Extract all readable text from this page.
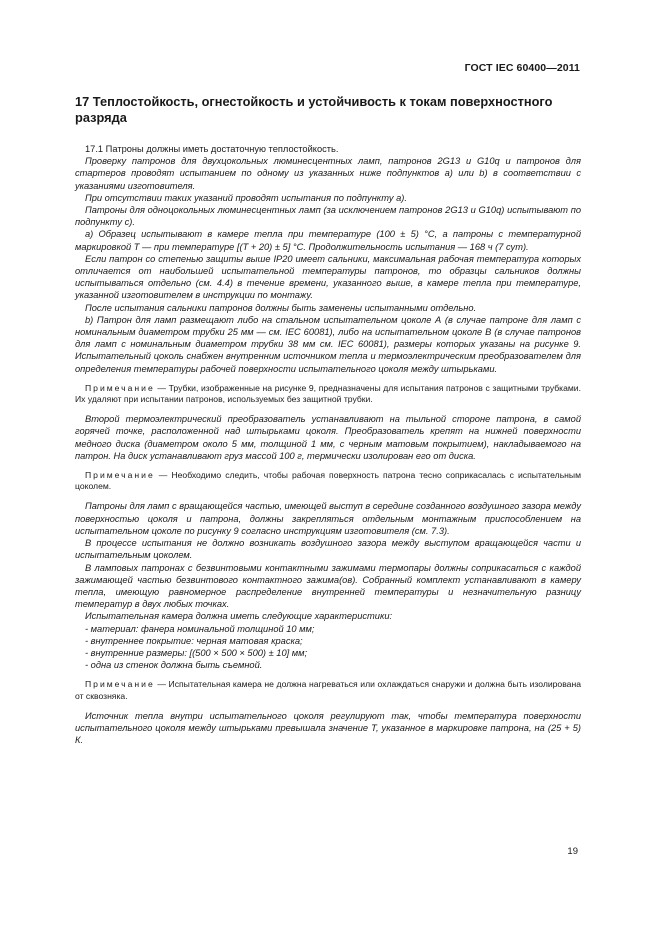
ГОСТ IEC 60400—2011
17 Теплостойкость, огнестойкость и устойчивость к токам поверхностного разряда

17.1 Патроны должны иметь достаточную теплостойкость.

Проверку патронов для двухцокольных люминесцентных ламп, патронов 2G13 и G10q и патронов для стартеров проводят испытанием по одному из указанных ниже подпунктов а) или b) в соответствии с указаниями изготовителя.

При отсутствии таких указаний проводят испытания по подпункту а).

Патроны для одноцокольных люминесцентных ламп (за исключением патронов 2G13 и G10q) испытывают по подпункту с).

а) Образец испытывают в камере тепла при температуре (100 ± 5) °С, а патроны с температурной маркировкой Т — при температуре [(Т + 20) ± 5] °С. Продолжительность испытания — 168 ч (7 сут).

Если патрон со степенью защиты выше IP20 имеет сальники, максимальная рабочая температура которых отличается от наибольшей испытательной температуры патронов, то образцы сальников должны испытываться отдельно (см. 4.4) в течение времени, указанного выше, в камере тепла при температуре, указанной изготовителем в инструкции по монтажу.

После испытания сальники патронов должны быть заменены испытанными отдельно.

b) Патрон для ламп размещают либо на стальном испытательном цоколе А (в случае патроне для ламп с номинальным диаметром трубки 25 мм — см. IEC 60081), либо на испытательном цоколе В (в случае патронов для ламп с номинальным диаметром трубки 38 мм см. IEC 60081), размеры которых указаны на рисунке 9. Испытательный цоколь снабжен внутренним источником тепла и термоэлектрическим преобразователем для определения температуры рабочей поверхности испытательного цоколя между штырьками.

Примечание — Трубки, изображенные на рисунке 9, предназначены для испытания патронов с защитными трубками. Их удаляют при испытании патронов, используемых без защитной трубки.

Второй термоэлектрический преобразователь устанавливают на тыльной стороне патрона, в самой горячей точке, расположенной над штырьками цоколя. Преобразователь крепят на нижней поверхности медного диска (диаметром около 5 мм, толщиной 1 мм, с черным матовым покрытием), накладываемого на патрон. На диск устанавливают груз массой 100 г, термически изолирован его от диска.

Примечание — Необходимо следить, чтобы рабочая поверхность патрона тесно соприкасалась с испытательным цоколем.

Патроны для ламп с вращающейся частью, имеющей выступ в середине созданного воздушного зазора между поверхностью цоколя и патрона, должны закрепляться отдельным монтажным приспособлением на испытательном цоколе по рисунку 9 согласно инструкциям изготовителя (см. 7.3).

В процессе испытания не должно возникать воздушного зазора между выступом вращающейся части и испытательным цоколем.

В ламповых патронах с безвинтовыми контактными зажимами термопары должны соприкасаться с каждой зажимающей частью безвинтового контактного зажима(ов). Собранный комплект устанавливают в камеру тепла, имеющую равномерное распределение внутренней температуры и незначительную разницу температур в двух любых точках.

Испытательная камера должна иметь следующие характеристики:

- материал: фанера номинальной толщиной 10 мм;

- внутреннее покрытие: черная матовая краска;

- внутренние размеры: [(500 × 500 × 500) ± 10] мм;

- одна из стенок должна быть съемной.

Примечание — Испытательная камера не должна нагреваться или охлаждаться снаружи и должна быть изолирована от сквозняка.

Источник тепла внутри испытательного цоколя регулируют так, чтобы температура поверхности испытательного цоколя между штырьками превышала значение Т, указанное в маркировке патрона, на (25 + 5) К.

19
